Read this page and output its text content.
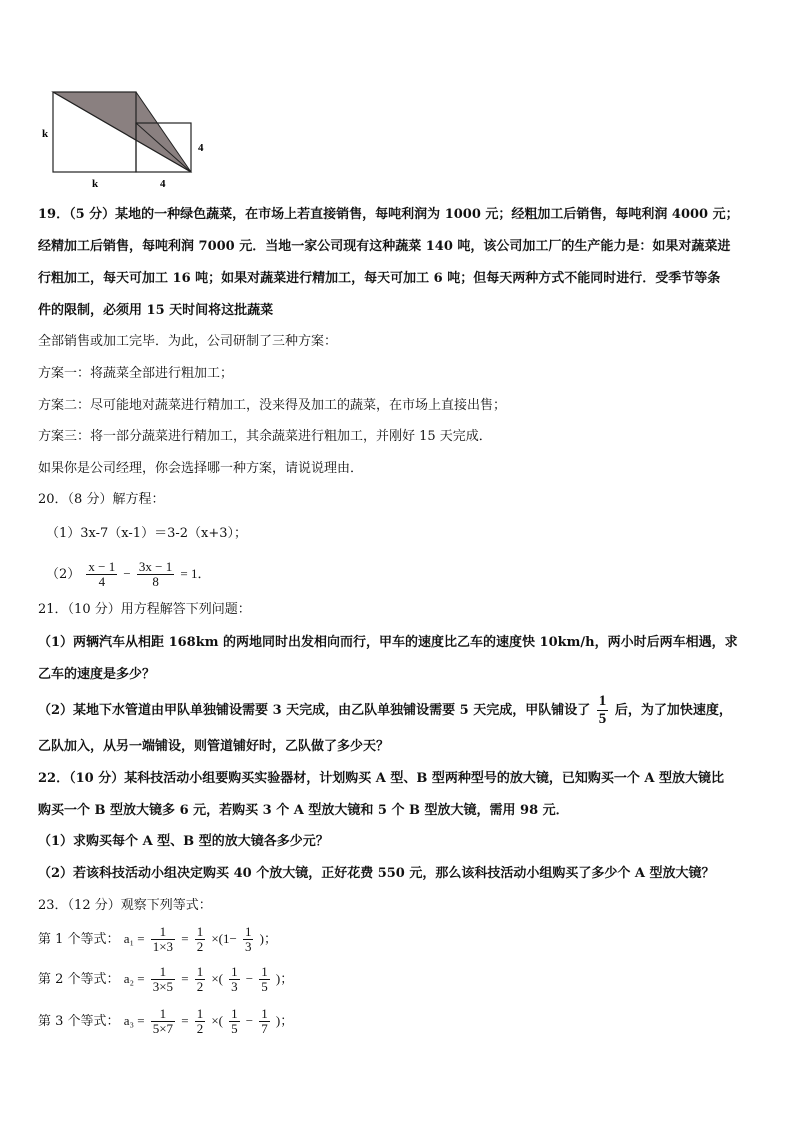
k
k	4
4
19．（5 分）某地的一种绿色蔬菜，在市场上若直接销售，每吨利润为 1000 元；经粗加工后销售，每吨利润 4000 元；
经精加工后销售，每吨利润 7000 元．当地一家公司现有这种蔬菜 140 吨，该公司加工厂的生产能力是：如果对蔬菜进
行粗加工，每天可加工 16 吨；如果对蔬菜进行精加工，每天可加工 6 吨；但每天两种方式不能同时进行．受季节等条
件的限制，必须用 15 天时间将这批蔬菜
全部销售或加工完毕．为此，公司研制了三种方案：
方案一：将蔬菜全部进行粗加工；
方案二：尽可能地对蔬菜进行精加工，没来得及加工的蔬菜，在市场上直接出售；
方案三：将一部分蔬菜进行精加工，其余蔬菜进行粗加工，并刚好 15 天完成．
如果你是公司经理，你会选择哪一种方案，请说说理由．
20．（8 分）解方程：
（1）3x-7（x-1）＝3-2（x+3）；
$(2) \frac{x - 1}{4} - \frac{3x - 1}{8} = 1$．
21．（10 分）用方程解答下列问题：
（1）两辆汽车从相距 168km 的两地同时出发相向而行，甲车的速度比乙车的速度快 10km/h，两小时后两车相遇，求
乙车的速度是多少？
（2）某地下水管道由甲队单独铺设需要 3 天完成，由乙队单独铺设需要 5 天完成，甲队铺设了 $\frac{1}{5}$ 后，为了加快速度，
乙队加入，从另一端铺设，则管道铺好时，乙队做了多少天？
22．（10 分）某科技活动小组要购买实验器材，计划购买 A 型、B 型两种型号的放大镜，已知购买一个 A 型放大镜比
购买一个 B 型放大镜多 6 元，若购买 3 个 A 型放大镜和 5 个 B 型放大镜，需用 98 元．
（1）求购买每个 A 型、B 型的放大镜各多少元？
（2）若该科技活动小组决定购买 40 个放大镜，正好花费 550 元，那么该科技活动小组购买了多少个 A 型放大镜？
23．（12 分）观察下列等式：
第 1 个等式： $a_1 = \frac{1}{1\times 3} = \frac{1}{2} \times(1- \frac{1}{3}$ )；
第 2 个等式： $a_2 = \frac{1}{3\times 5} = \frac{1}{2}$ ×( $\frac{1}{3} - \frac{1}{5}$ )；
第 3 个等式： $a_3 = \frac{1}{5\times 7} = \frac{1}{2}$ ×( $\frac{1}{5} - \frac{1}{7}$ )；
